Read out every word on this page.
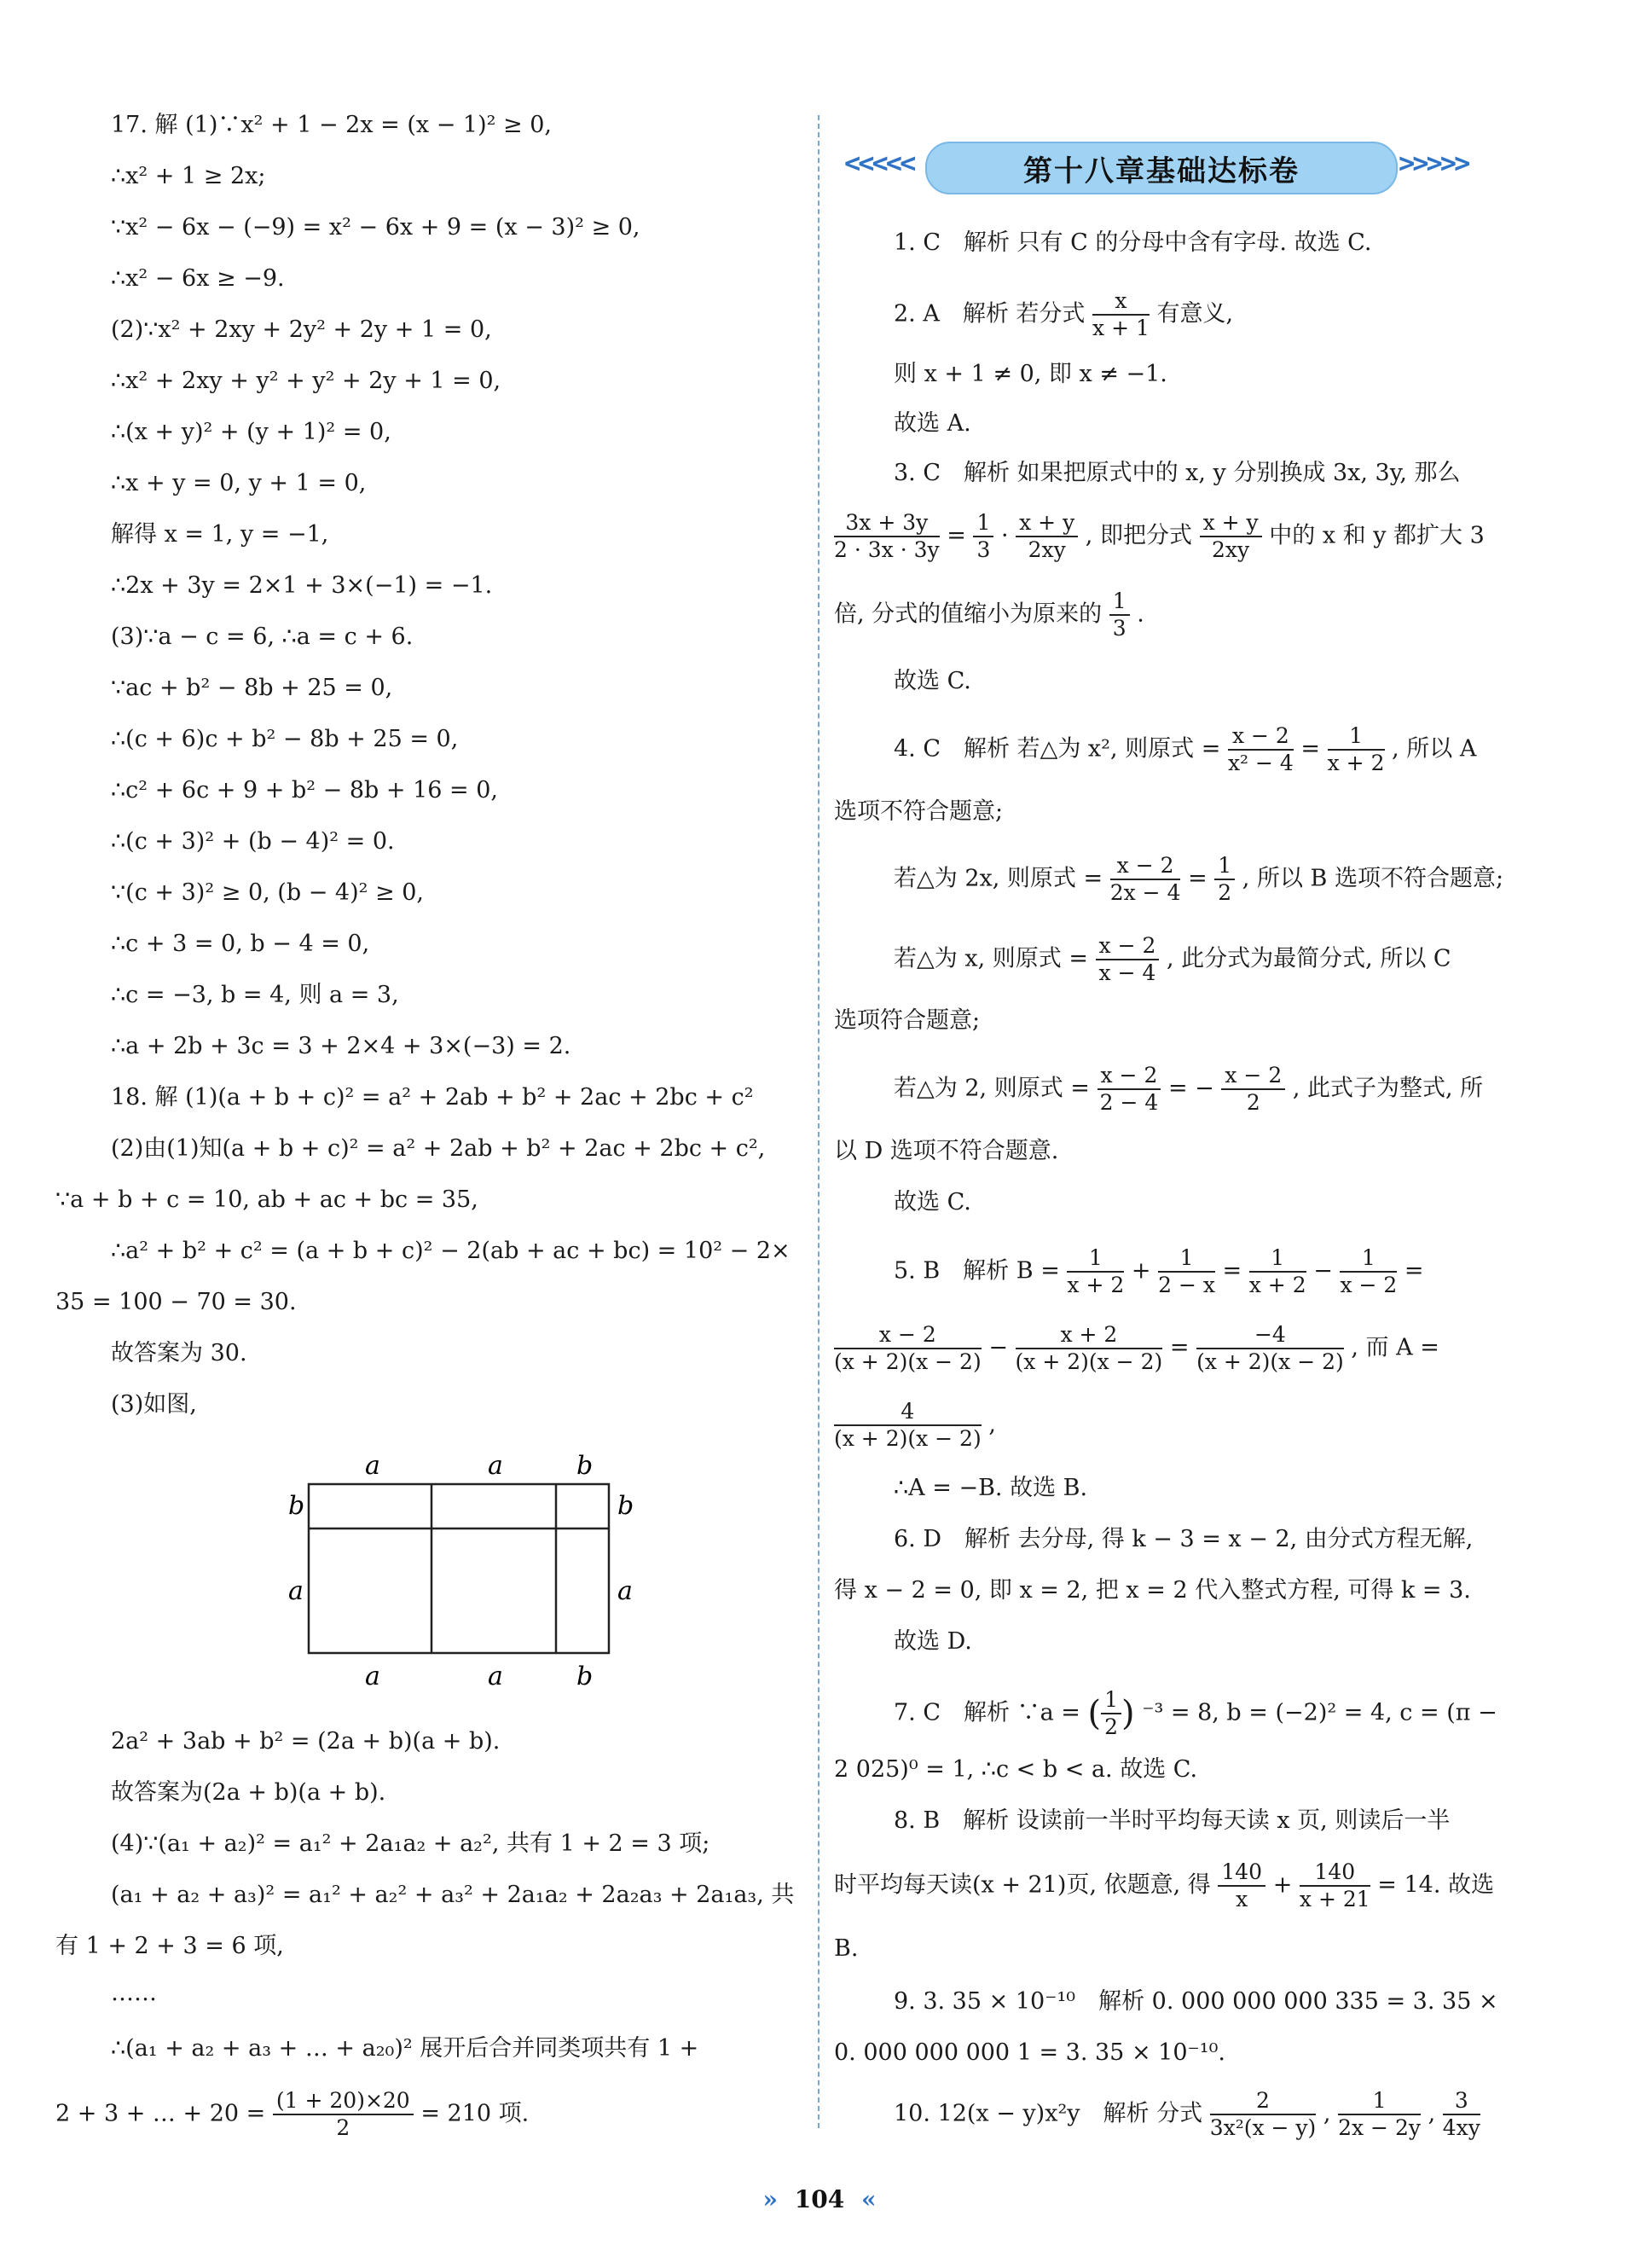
17. 解 (1)∵x² + 1 − 2x = (x − 1)² ≥ 0,
∴x² + 1 ≥ 2x;
∵x² − 6x − (−9) = x² − 6x + 9 = (x − 3)² ≥ 0,
∴x² − 6x ≥ −9.
(2)∵x² + 2xy + 2y² + 2y + 1 = 0,
∴x² + 2xy + y² + y² + 2y + 1 = 0,
∴(x + y)² + (y + 1)² = 0,
∴x + y = 0, y + 1 = 0,
解得 x = 1, y = −1,
∴2x + 3y = 2×1 + 3×(−1) = −1.
(3)∵a − c = 6, ∴a = c + 6.
∵ac + b² − 8b + 25 = 0,
∴(c + 6)c + b² − 8b + 25 = 0,
∴c² + 6c + 9 + b² − 8b + 16 = 0,
∴(c + 3)² + (b − 4)² = 0.
∵(c + 3)² ≥ 0, (b − 4)² ≥ 0,
∴c + 3 = 0, b − 4 = 0,
∴c = −3, b = 4, 则 a = 3,
∴a + 2b + 3c = 3 + 2×4 + 3×(−3) = 2.
18. 解 (1)(a + b + c)² = a² + 2ab + b² + 2ac + 2bc + c²
(2)由(1)知(a + b + c)² = a² + 2ab + b² + 2ac + 2bc + c²,
∵a + b + c = 10, ab + ac + bc = 35,
∴a² + b² + c² = (a + b + c)² − 2(ab + ac + bc) = 10² − 2×
35 = 100 − 70 = 30.
故答案为 30.
(3)如图,
2a² + 3ab + b² = (2a + b)(a + b).
故答案为(2a + b)(a + b).
(4)∵(a₁ + a₂)² = a₁² + 2a₁a₂ + a₂², 共有 1 + 2 = 3 项;
(a₁ + a₂ + a₃)² = a₁² + a₂² + a₃² + 2a₁a₂ + 2a₂a₃ + 2a₁a₃, 共
有 1 + 2 + 3 = 6 项,
……
∴(a₁ + a₂ + a₃ + … + a₂₀)² 展开后合并同类项共有 1 +
2 + 3 + … + $20 = \frac{(1 + 20)\times 20}{2} = 210$ 项.
a	a	b
a	a	b
b
a
b
a
<<<<<	第十八章基础达标卷	>>>>>
1. C　解析 只有 C 的分母中含有字母. 故选 C.
2. A　解析 若分式 $\frac{x}{x + 1}$ 有意义,
则 x + 1 ≠ 0, 即 x ≠ −1.
故选 A.
3. C　解析 如果把原式中的 x, y 分别换成 3x, 3y, 那么
$\frac{3x + 3y}{2 \cdot 3x \cdot 3y} = \frac{1}{3} \cdot \frac{x + y}{2xy}$ , 即把分式 $\frac{x + y}{2xy}$ 中的 x 和 y 都扩大 3
倍, 分式的值缩小为原来的 $\frac{1}{3}$ .
故选 C.
4. C　解析 若△为 x², 则原式 = $\frac{x - 2}{\text{x² − 4}} = \frac{1}{x + 2}$ , 所以 A
选项不符合题意;
若△为 2x, 则原式 = $\frac{x - 2}{2x - 4} = \frac{1}{2}$ , 所以 B 选项不符合题意;
若△为 x, 则原式 = $\frac{x - 2}{x - 4}$ , 此分式为最简分式, 所以 C
选项符合题意;
若△为 2, 则原式 = $\frac{x - 2}{2 - 4}$ = − $\frac{x - 2}{2}$ , 此式子为整式, 所
以 D 选项不符合题意.
故选 C.
5. B　解析 $B = \frac{1}{x + 2} + \frac{1}{2 - x} = \frac{1}{x + 2} - \frac{1}{x - 2}$ =
$\frac{x - 2}{(x + 2)(x - 2)} - \frac{x + 2}{(x + 2)(x - 2)} = \frac{-4}{(x + 2)(x - 2)}$ , 而 A =
$\frac{4}{(x + 2)(x - 2)}$ ,
∴A = −B. 故选 B.
6. D　解析 去分母, 得 k − 3 = x − 2, 由分式方程无解,
得 x − 2 = 0, 即 x = 2, 把 x = 2 代入整式方程, 可得 k = 3.
故选 D.
7. C　解析 ∵a = ( $\frac{1}{2}$ ) ⁻³ = 8, b = (−2)² = 4, c = (π −
2 025)⁰ = 1, ∴c < b < a. 故选 C.
8. B　解析 设读前一半时平均每天读 x 页, 则读后一半
时平均每天读(x + 21)页, 依题意, 得 $\frac{140}{x} + \frac{140}{x + 21} = 14$. 故选
B.
9. 3. 35 × 10⁻¹⁰　解析 0. 000 000 000 335 = 3. 35 ×
0. 000 000 000 1 = 3. 35 × 10⁻¹⁰.
10. 12(x − y)x²y　解析 分式 $\frac{2}{\text{3x²(x − y)}}$ , $\frac{1}{2x - 2y}$ , $\frac{3}{4xy}$
» 104 «
